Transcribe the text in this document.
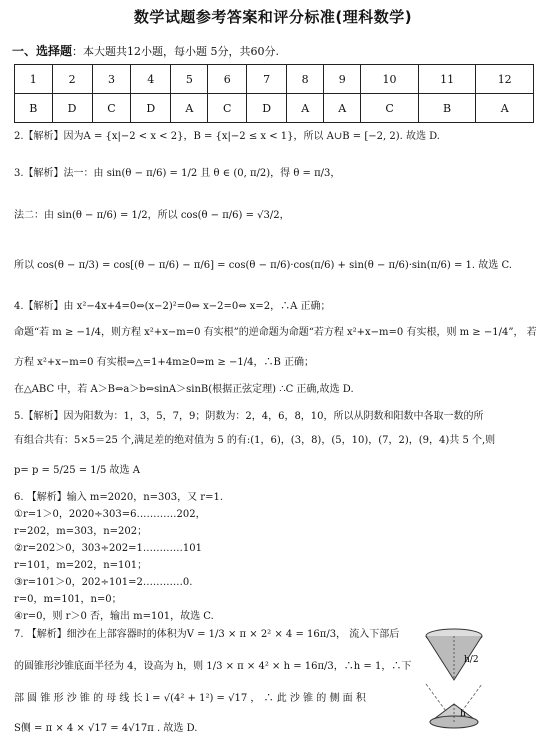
数学试题参考答案和评分标准(理科数学)
一、选择题：本大题共12小题，每小题 5分，共60分.
1	2	3	4	5	6	7	8	9	10	11	12
B	D	C	D	A	C	D	A	A	C	B	A
2.【解析】因为A = {x|−2 < x < 2}，B = {x|−2 ≤ x < 1}，所以 A∪B = [−2, 2). 故选 D.
3.【解析】法一：由 sin(θ − π/6) = 1/2 且 θ ∈ (0, π/2)，得 θ = π/3，
法二：由 sin(θ − π/6) = 1/2，所以 cos(θ − π/6) = √3/2，
所以 cos(θ − π/3) = cos[(θ − π/6) − π/6] = cos(θ − π/6)·cos(π/6) + sin(θ − π/6)·sin(π/6) = 1. 故选 C.
4.【解析】由 x²−4x+4=0⇔(x−2)²=0⇔ x−2=0⇔ x=2，∴A 正确；
命题“若 m ≥ −1/4，则方程 x²+x−m=0 有实根”的逆命题为命题“若方程 x²+x−m=0 有实根，则 m ≥ −1/4”， 若
方程 x²+x−m=0 有实根⇒△=1+4m≥0⇒m ≥ −1/4，∴B 正确；
在△ABC 中，若 A＞B⇔a＞b⇔sinA＞sinB(根据正弦定理) ∴C 正确,故选 D.
5.【解析】因为阳数为：1，3，5，7，9；阴数为：2，4，6，8，10，所以从阴数和阳数中各取一数的所
有组合共有：5×5＝25 个,满足差的绝对值为 5 的有:(1，6)，(3，8)，(5，10)，(7，2)，(9，4)共 5 个,则
p= p = 5/25 = 1/5 故选 A
6. 【解析】输入 m=2020，n=303，又 r=1.
①r=1＞0，2020÷303=6…………202，
r=202，m=303，n=202；
②r=202＞0，303÷202=1…………101
r=101，m=202，n=101；
③r=101＞0，202÷101=2…………0.
r=0，m=101，n=0；
④r=0，则 r＞0 否，输出 m=101，故选 C.
7. 【解析】细沙在上部容器时的体积为V = 1/3 × π × 2² × 4 = 16π/3， 流入下部后
的圆锥形沙锥底面半径为 4，设高为 h，则 1/3 × π × 4² × h = 16π/3，∴h = 1，∴下
部 圆 锥 形 沙 锥 的 母 线 长 l = √(4² + 1²) = √17 ， ∴ 此 沙 锥 的 侧 面 积
S侧 = π × 4 × √17 = 4√17π . 故选 D.
h/2
h
